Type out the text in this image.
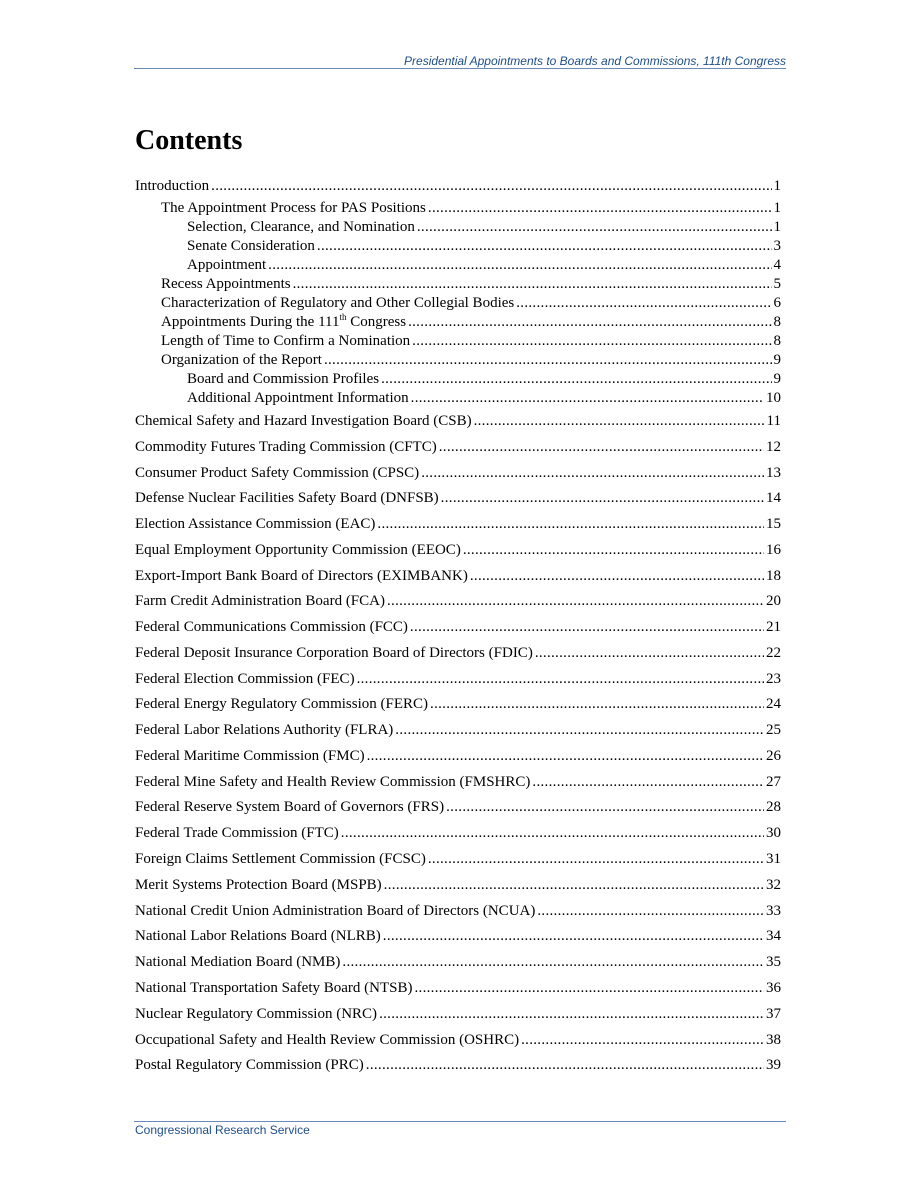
Presidential Appointments to Boards and Commissions, 111th Congress
Contents
Introduction .....	1
The Appointment Process for PAS Positions .....	1
Selection, Clearance, and Nomination .....	1
Senate Consideration .....	3
Appointment .....	4
Recess Appointments .....	5
Characterization of Regulatory and Other Collegial Bodies .....	6
Appointments During the 111th Congress .....	8
Length of Time to Confirm a Nomination .....	8
Organization of the Report .....	9
Board and Commission Profiles .....	9
Additional Appointment Information .....	10
Chemical Safety and Hazard Investigation Board (CSB) .....	11
Commodity Futures Trading Commission (CFTC) .....	12
Consumer Product Safety Commission (CPSC) .....	13
Defense Nuclear Facilities Safety Board (DNFSB) .....	14
Election Assistance Commission (EAC) .....	15
Equal Employment Opportunity Commission (EEOC) .....	16
Export-Import Bank Board of Directors (EXIMBANK) .....	18
Farm Credit Administration Board (FCA) .....	20
Federal Communications Commission (FCC) .....	21
Federal Deposit Insurance Corporation Board of Directors (FDIC) .....	22
Federal Election Commission (FEC) .....	23
Federal Energy Regulatory Commission (FERC) .....	24
Federal Labor Relations Authority (FLRA) .....	25
Federal Maritime Commission (FMC) .....	26
Federal Mine Safety and Health Review Commission (FMSHRC) .....	27
Federal Reserve System Board of Governors (FRS) .....	28
Federal Trade Commission (FTC) .....	30
Foreign Claims Settlement Commission (FCSC) .....	31
Merit Systems Protection Board (MSPB) .....	32
National Credit Union Administration Board of Directors (NCUA) .....	33
National Labor Relations Board (NLRB) .....	34
National Mediation Board (NMB) .....	35
National Transportation Safety Board (NTSB) .....	36
Nuclear Regulatory Commission (NRC) .....	37
Occupational Safety and Health Review Commission (OSHRC) .....	38
Postal Regulatory Commission (PRC) .....	39
Congressional Research Service
